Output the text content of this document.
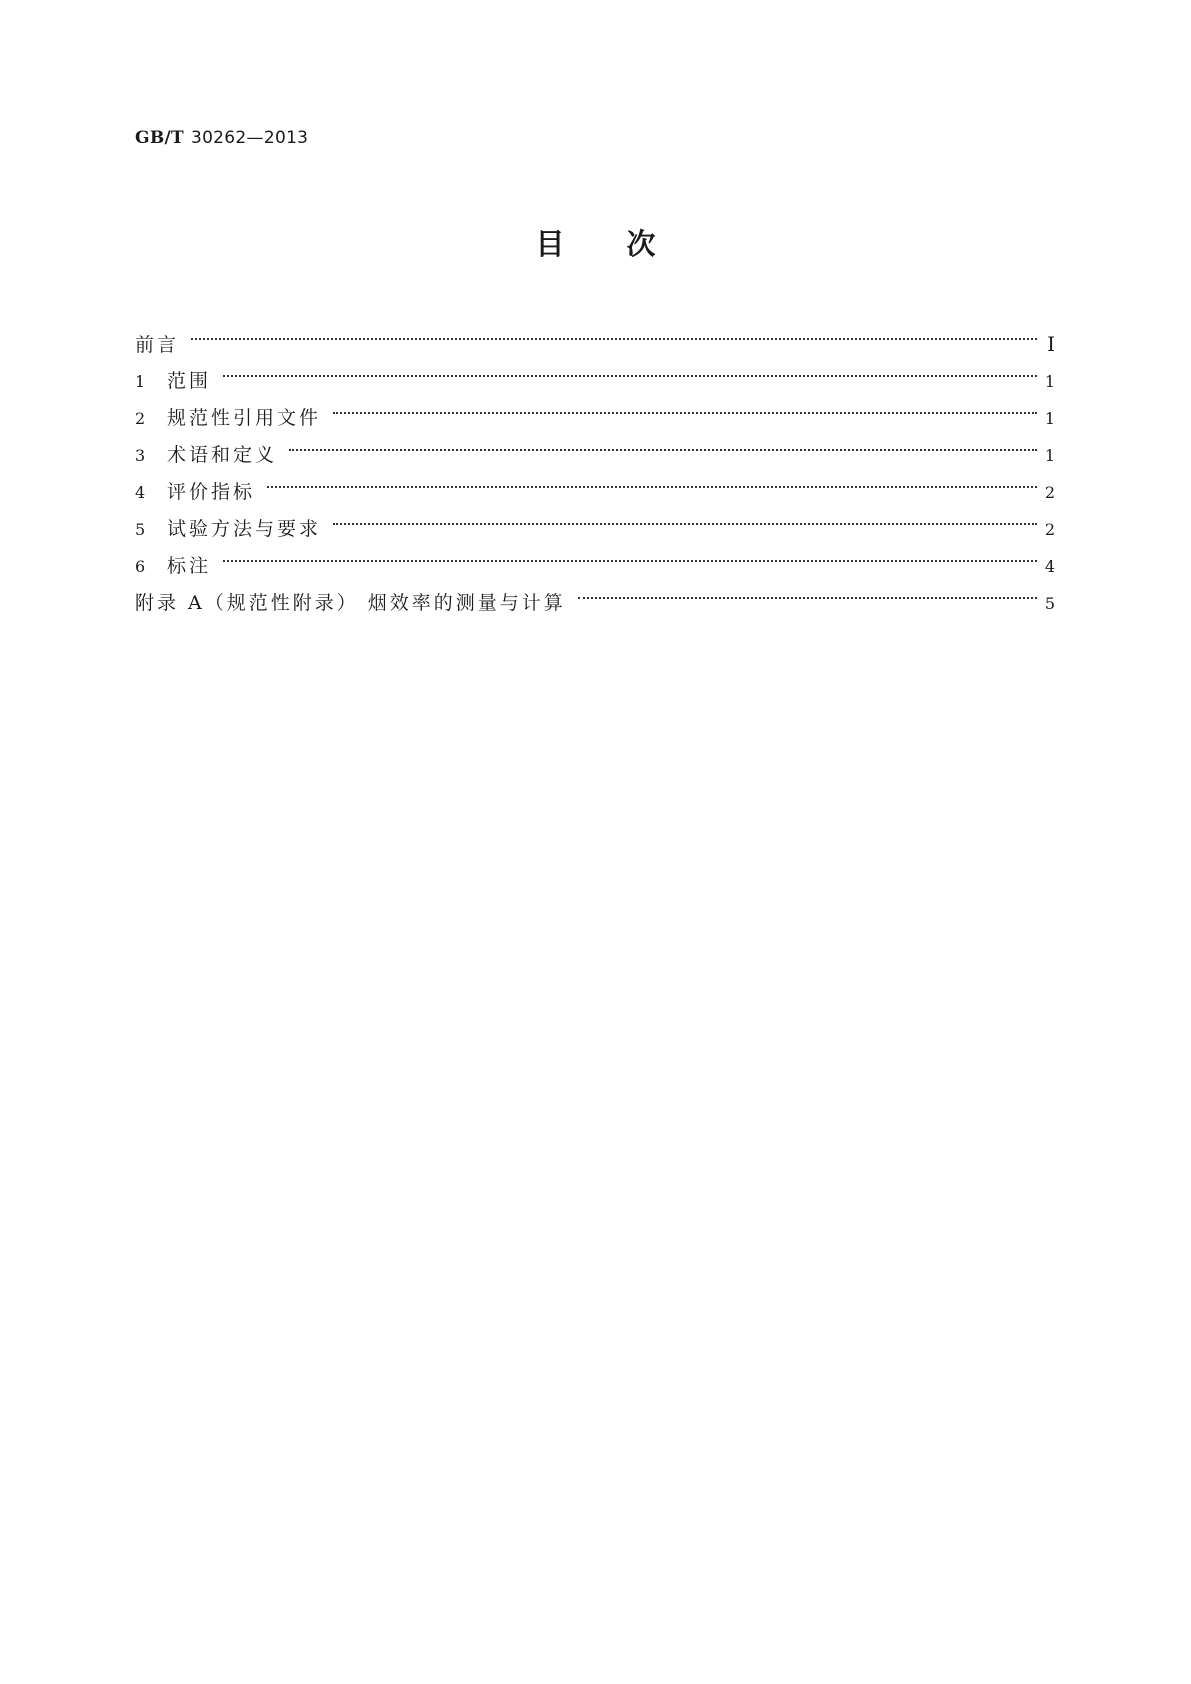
GB/T 30262—2013
目 次
前言	Ⅰ
1	范围	1
2	规范性引用文件	1
3	术语和定义	1
4	评价指标	2
5	试验方法与要求	2
6	标注	4
附录 A（规范性附录） 烟效率的测量与计算	5
